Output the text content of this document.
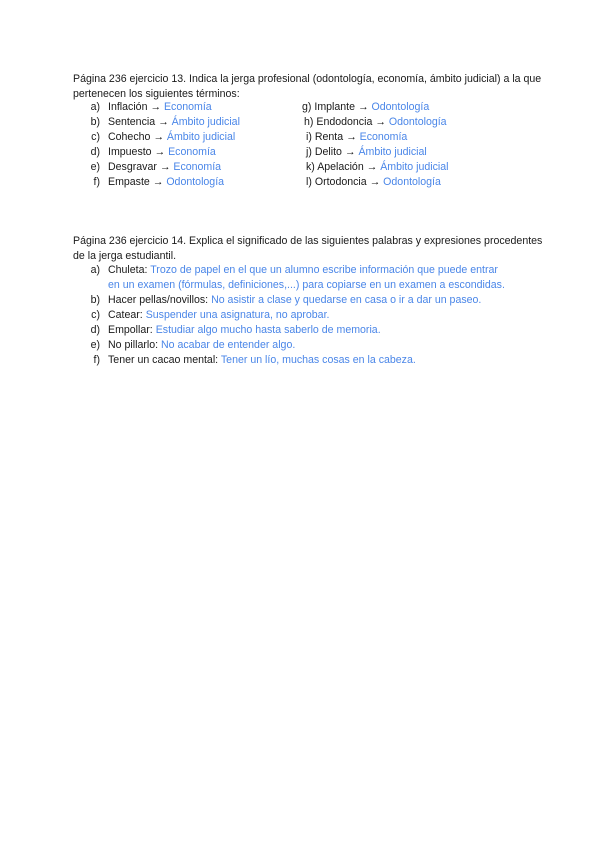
Página 236 ejercicio 13. Indica la jerga profesional (odontología, economía, ámbito judicial) a la que pertenecen los siguientes términos:
a) Inflación → Economía
b) Sentencia → Ámbito judicial
c) Cohecho → Ámbito judicial
d) Impuesto → Economía
e) Desgravar → Economía
f) Empaste → Odontología
g) Implante → Odontología
h) Endodoncia → Odontología
i) Renta → Economía
j) Delito → Ámbito judicial
k) Apelación → Ámbito judicial
l) Ortodoncia → Odontología
Página 236 ejercicio 14. Explica el significado de las siguientes palabras y expresiones procedentes de la jerga estudiantil.
a) Chuleta: Trozo de papel en el que un alumno escribe información que puede entrar
en un examen (fórmulas, definiciones,...) para copiarse en un examen a escondidas.
b) Hacer pellas/novillos: No asistir a clase y quedarse en casa o ir a dar un paseo.
c) Catear: Suspender una asignatura, no aprobar.
d) Empollar: Estudiar algo mucho hasta saberlo de memoria.
e) No pillarlo: No acabar de entender algo.
f) Tener un cacao mental: Tener un lío, muchas cosas en la cabeza.
